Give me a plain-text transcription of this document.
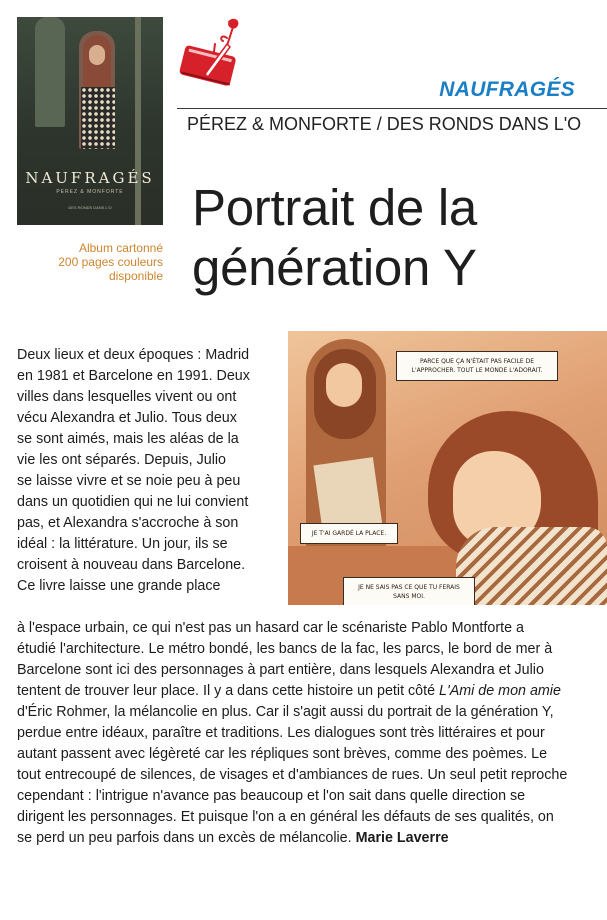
NAUFRAGÉS
PEREZ & MONFORTE
DES RONDS DANS L'O
Album cartonné
200 pages couleurs
disponible
NAUFRAGÉS
PÉREZ & MONFORTE / DES RONDS DANS L'O
Portrait de la
génération Y
PARCE QUE ÇA N'ÉTAIT PAS FACILE DE L'APPROCHER. TOUT LE MONDE L'ADORAIT.
JE T'AI GARDÉ LA PLACE.
JE NE SAIS PAS CE QUE TU FERAIS SANS MOI.
Deux lieux et deux époques : Madrid
en 1981 et Barcelone en 1991. Deux
villes dans lesquelles vivent ou ont
vécu Alexandra et Julio. Tous deux
se sont aimés, mais les aléas de la
vie les ont séparés. Depuis, Julio
se laisse vivre et se noie peu à peu
dans un quotidien qui ne lui convient
pas, et Alexandra s'accroche à son
idéal : la littérature. Un jour, ils se
croisent à nouveau dans Barcelone.
Ce livre laisse une grande place
à l'espace urbain, ce qui n'est pas un hasard car le scénariste Pablo Montforte a
étudié l'architecture. Le métro bondé, les bancs de la fac, les parcs, le bord de mer à
Barcelone sont ici des personnages à part entière, dans lesquels Alexandra et Julio
tentent de trouver leur place. Il y a dans cette histoire un petit côté L'Ami de mon amie
d'Éric Rohmer, la mélancolie en plus. Car il s'agit aussi du portrait de la génération Y,
perdue entre idéaux, paraître et traditions. Les dialogues sont très littéraires et pour
autant passent avec légèreté car les répliques sont brèves, comme des poèmes. Le
tout entrecoupé de silences, de visages et d'ambiances de rues. Un seul petit reproche
cependant : l'intrigue n'avance pas beaucoup et l'on sait dans quelle direction se
dirigent les personnages. Et puisque l'on a en général les défauts de ses qualités, on
se perd un peu parfois dans un excès de mélancolie. Marie Laverre
